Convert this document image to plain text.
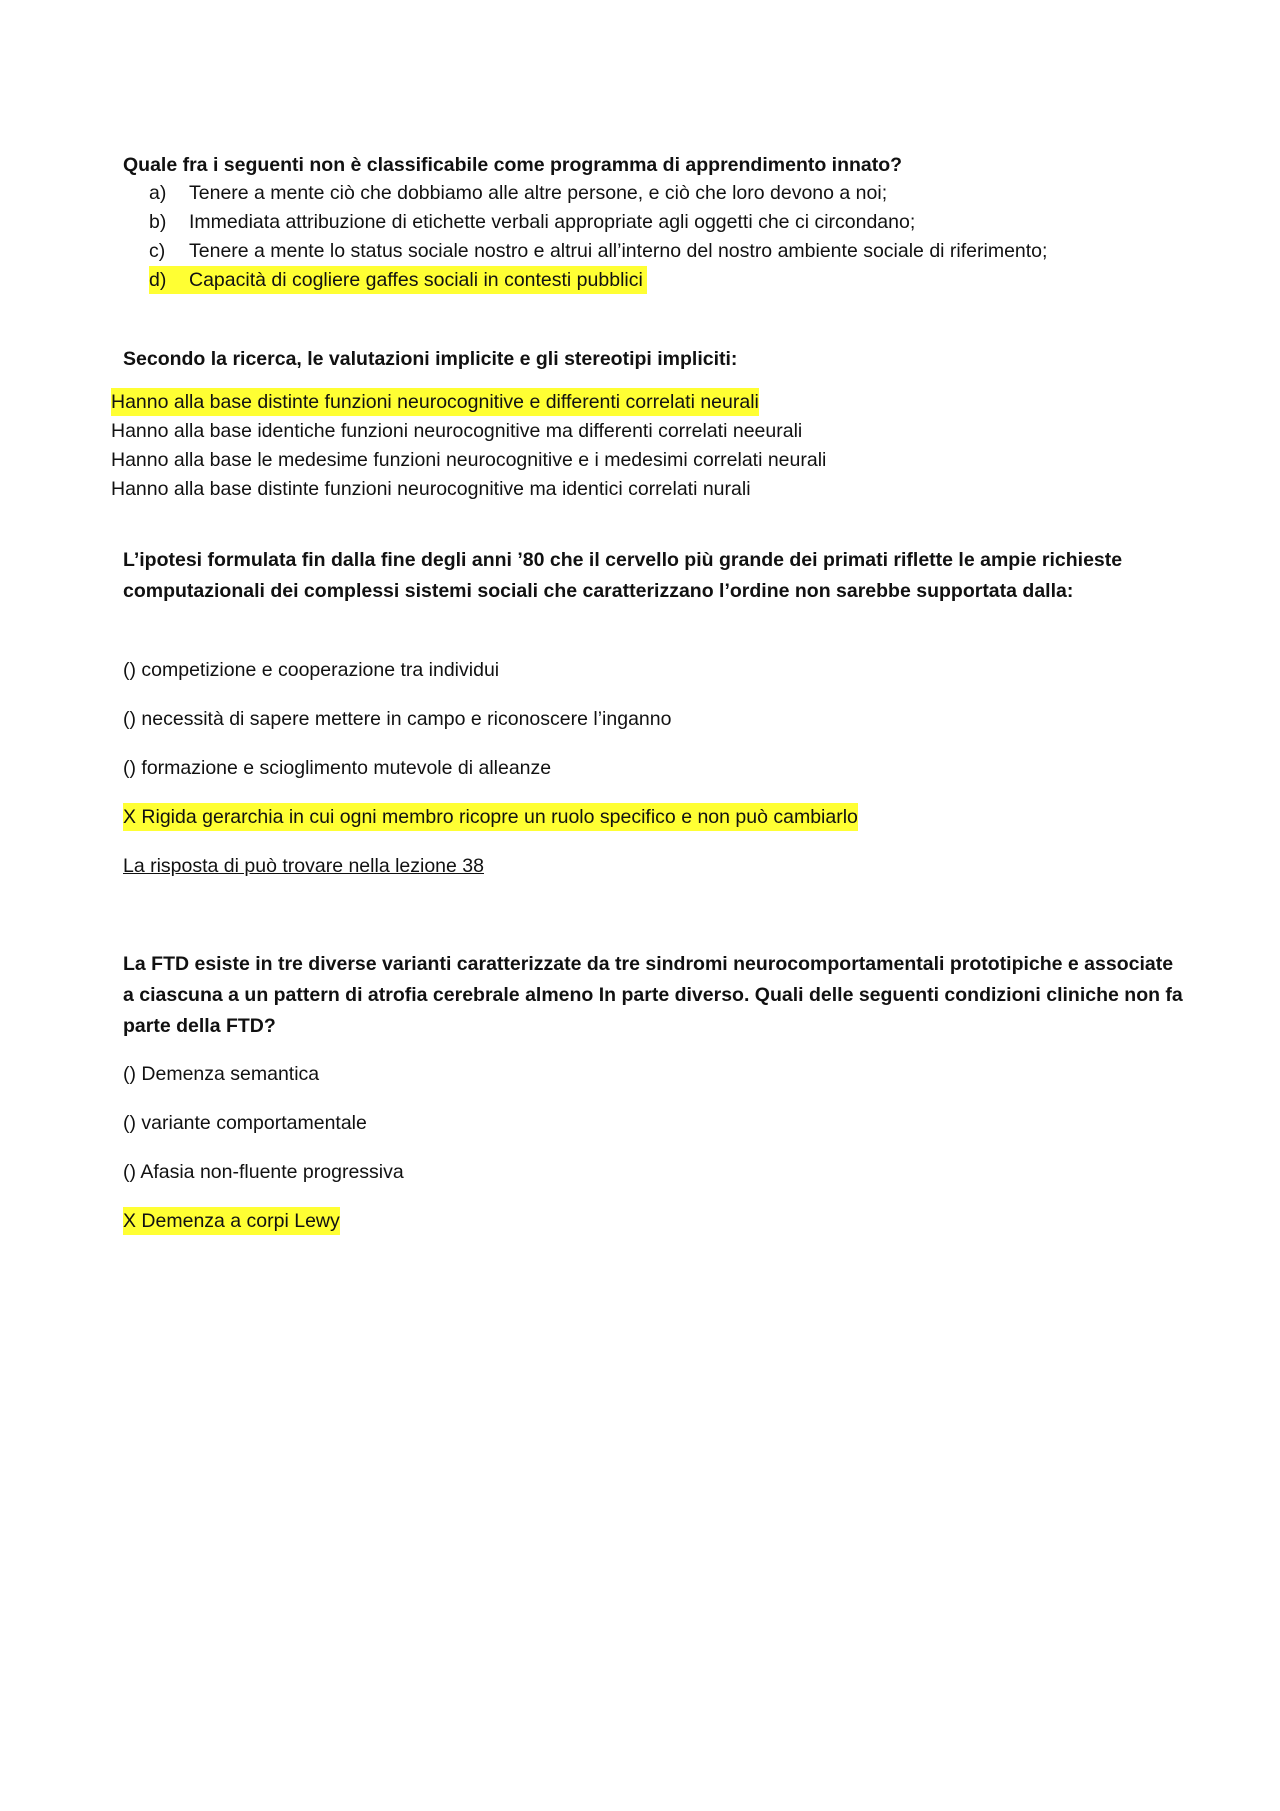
Quale fra i seguenti non è classificabile come programma di apprendimento innato?
a) Tenere a mente ciò che dobbiamo alle altre persone, e ciò che loro devono a noi;
b) Immediata attribuzione di etichette verbali appropriate agli oggetti che ci circondano;
c) Tenere a mente lo status sociale nostro e altrui all’interno del nostro ambiente sociale di riferimento;
d) Capacità di cogliere gaffes sociali in contesti pubblici
Secondo la ricerca, le valutazioni implicite e gli stereotipi impliciti:
Hanno alla base distinte funzioni neurocognitive e differenti correlati neurali
Hanno alla base identiche funzioni neurocognitive ma differenti correlati neeurali
Hanno alla base le medesime funzioni neurocognitive e i medesimi correlati neurali
Hanno alla base distinte funzioni neurocognitive ma identici correlati nurali
L’ipotesi formulata fin dalla fine degli anni ’80 che il cervello più grande dei primati riflette le ampie richieste computazionali dei complessi sistemi sociali che caratterizzano l’ordine non sarebbe supportata dalla:
() competizione e cooperazione tra individui
() necessità di sapere mettere in campo e riconoscere l’inganno
() formazione e scioglimento mutevole di alleanze
X Rigida gerarchia in cui ogni membro ricopre un ruolo specifico e non può cambiarlo
La risposta di può trovare nella lezione 38
La FTD esiste in tre diverse varianti caratterizzate da tre sindromi neurocomportamentali prototipiche e associate a ciascuna a un pattern di atrofia cerebrale almeno In parte diverso. Quali delle seguenti condizioni cliniche non fa parte della FTD?
() Demenza semantica
() variante comportamentale
() Afasia non-fluente progressiva
X Demenza a corpi Lewy
